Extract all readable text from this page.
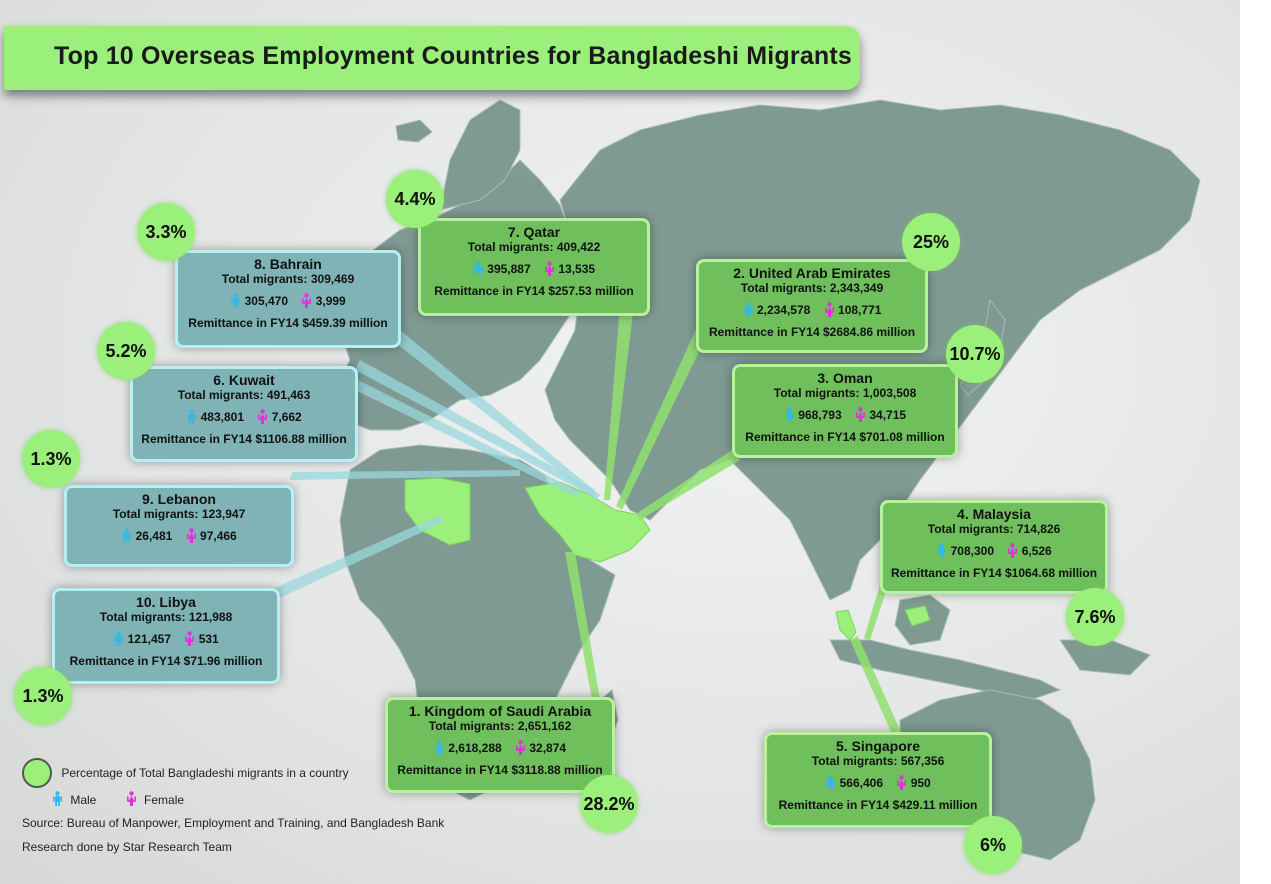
Top 10 Overseas Employment Countries for Bangladeshi Migrants
8. Bahrain
Total migrants: 309,469
305,470 3,999
Remittance in FY14 $459.39 million
7. Qatar
Total migrants: 409,422
395,887 13,535
Remittance in FY14 $257.53 million
2. United Arab Emirates
Total migrants: 2,343,349
2,234,578 108,771
Remittance in FY14 $2684.86 million
3. Oman
Total migrants: 1,003,508
968,793 34,715
Remittance in FY14 $701.08 million
6. Kuwait
Total migrants: 491,463
483,801 7,662
Remittance in FY14 $1106.88 million
9. Lebanon
Total migrants: 123,947
26,481 97,466
10. Libya
Total migrants: 121,988
121,457 531
Remittance in FY14 $71.96 million
4. Malaysia
Total migrants: 714,826
708,300 6,526
Remittance in FY14 $1064.68 million
1. Kingdom of Saudi Arabia
Total migrants: 2,651,162
2,618,288 32,874
Remittance in FY14 $3118.88 million
5. Singapore
Total migrants: 567,356
566,406 950
Remittance in FY14 $429.11 million
4.4%
3.3%	25%
5.2%	10.7%
1.3%
7.6%
1.3%
28.2%
6%
Percentage of Total Bangladeshi migrants in a country
Male	Female
Source: Bureau of Manpower, Employment and Training, and Bangladesh Bank
Research done by Star Research Team
